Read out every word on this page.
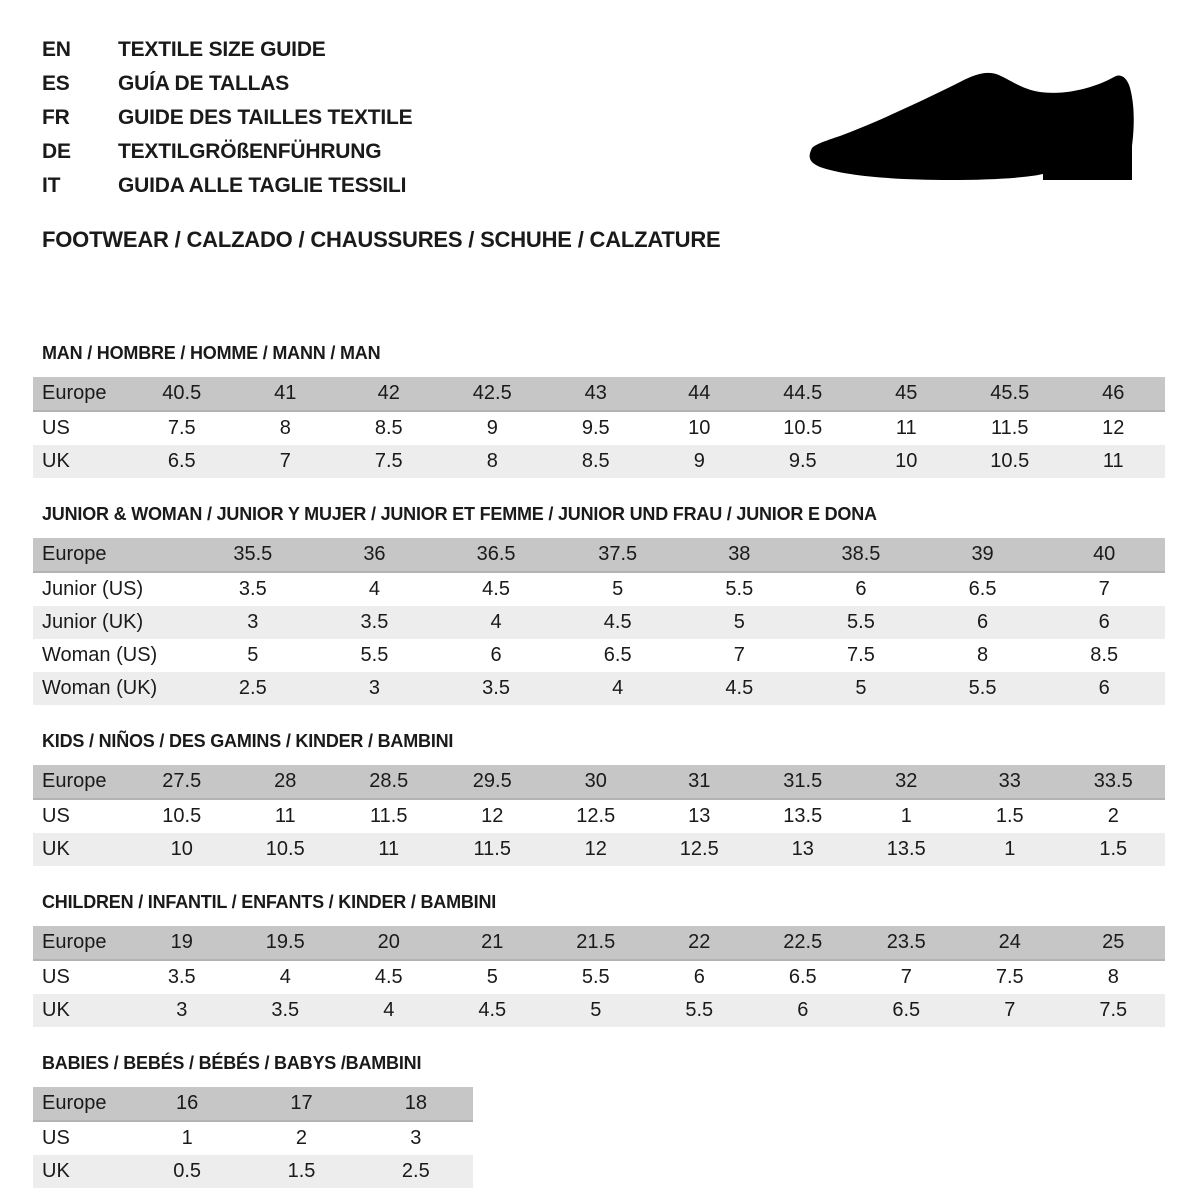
EN TEXTILE SIZE GUIDE
ES GUÍA DE TALLAS
FR GUIDE DES TAILLES TEXTILE
DE TEXTILGRÖßENFÜHRUNG
IT	GUIDA ALLE TAGLIE TESSILI
FOOTWEAR / CALZADO / CHAUSSURES / SCHUHE / CALZATURE
MAN / HOMBRE / HOMME / MANN / MAN
Europe	40.5	41	42	42.5	43	44	44.5	45	45.5	46
US	7.5	8	8.5	9	9.5	10	10.5	11	11.5	12
UK	6.5	7	7.5	8	8.5	9	9.5	10	10.5	11
JUNIOR & WOMAN / JUNIOR Y MUJER / JUNIOR ET FEMME / JUNIOR UND FRAU / JUNIOR E DONA
Europe	35.5	36	36.5	37.5	38	38.5	39	40
Junior (US)	3.5	4	4.5	5	5.5	6	6.5	7
Junior (UK)	3	3.5	4	4.5	5	5.5	6	6
Woman (US)	5	5.5	6	6.5	7	7.5	8	8.5
Woman (UK)	2.5	3	3.5	4	4.5	5	5.5	6
KIDS / NIÑOS / DES GAMINS / KINDER / BAMBINI
Europe	27.5	28	28.5	29.5	30	31	31.5	32	33	33.5
US	10.5	11	11.5	12	12.5	13	13.5	1	1.5	2
UK	10	10.5	11	11.5	12	12.5	13	13.5	1	1.5
CHILDREN / INFANTIL / ENFANTS / KINDER / BAMBINI
Europe	19	19.5	20	21	21.5	22	22.5	23.5	24	25
US	3.5	4	4.5	5	5.5	6	6.5	7	7.5	8
UK	3	3.5	4	4.5	5	5.5	6	6.5	7	7.5
BABIES / BEBÉS / BÉBÉS / BABYS /BAMBINI
Europe	16	17	18
US	1	2	3
UK	0.5	1.5	2.5
